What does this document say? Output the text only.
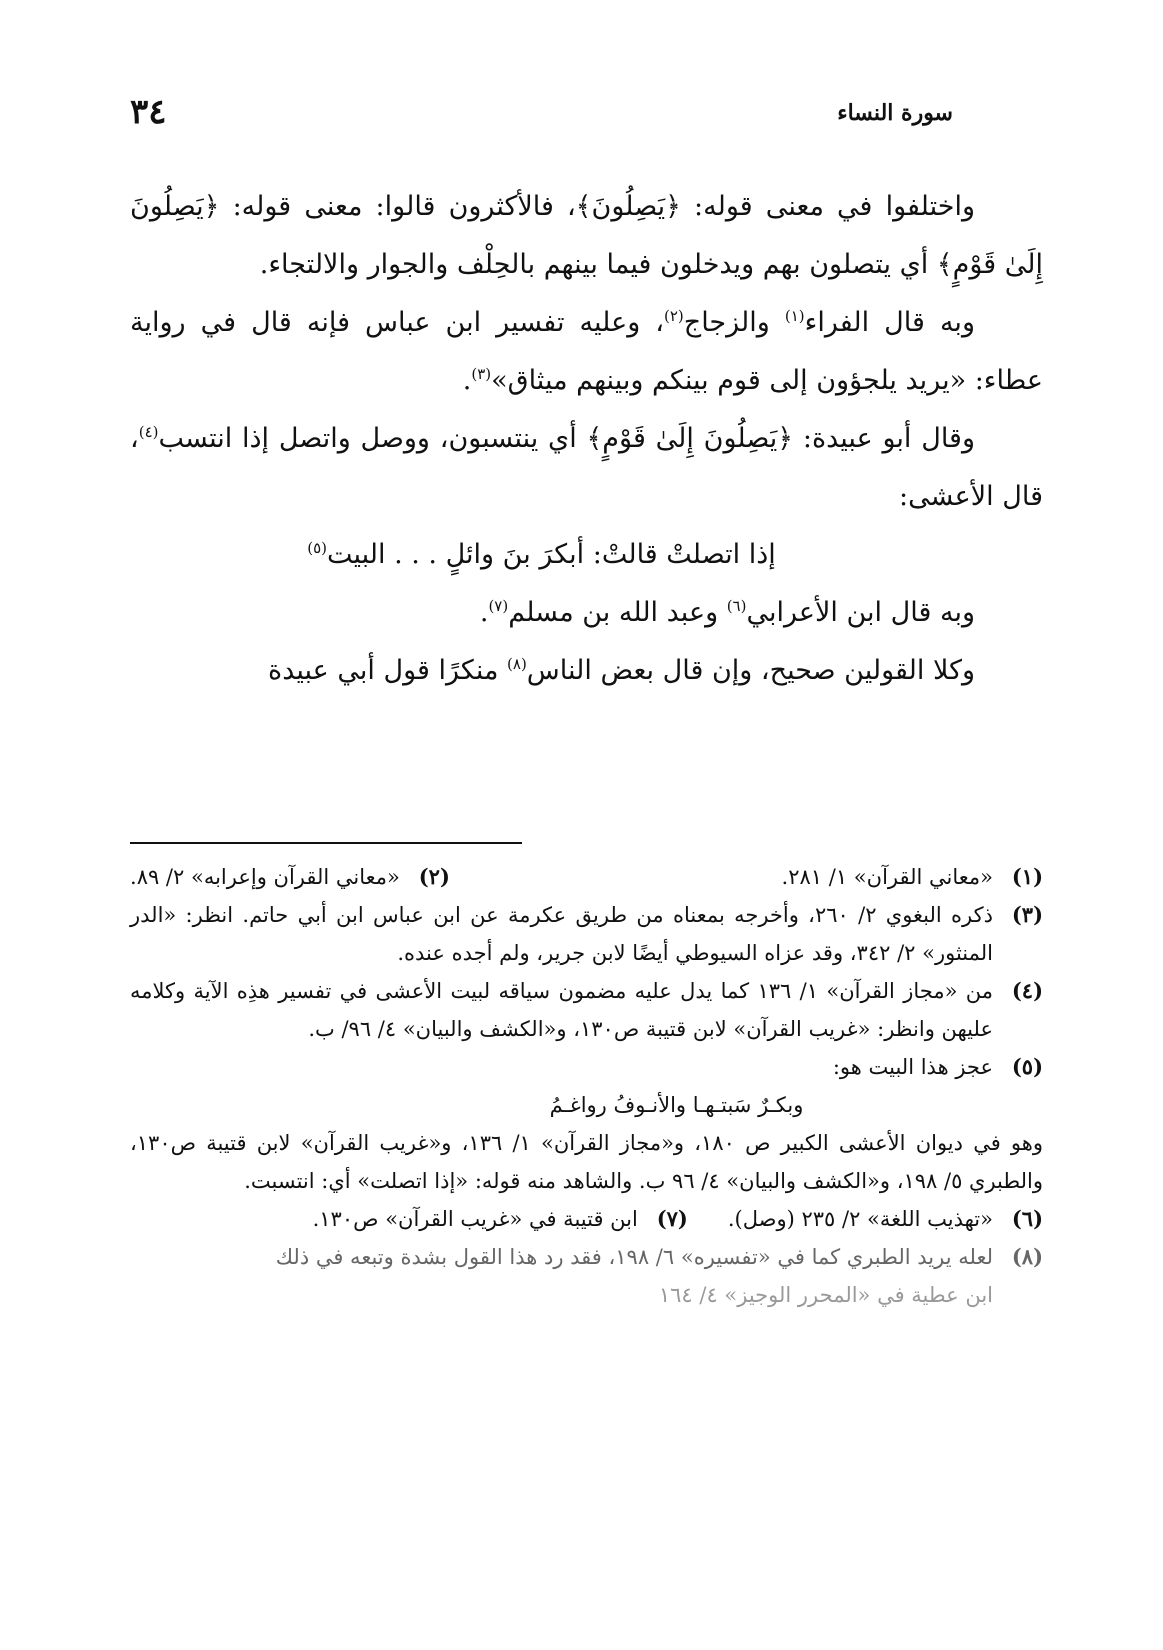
٣٤	سورة النساء

واختلفوا في معنى قوله: ﴿يَصِلُونَ﴾، فالأكثرون قالوا: معنى قوله: ﴿يَصِلُونَ إِلَىٰ قَوْمٍ﴾ أي يتصلون بهم ويدخلون فيما بينهم بالحِلْف والجوار والالتجاء.

وبه قال الفراء$^{(١)}$ والزجاج$^{(٢)}$، وعليه تفسير ابن عباس فإنه قال في رواية عطاء: «يريد يلجؤون إلى قوم بينكم وبينهم ميثاق»$^{(٣)}$.

وقال أبو عبيدة: ﴿يَصِلُونَ إِلَىٰ قَوْمٍ﴾ أي ينتسبون، ووصل واتصل إذا انتسب$^{(٤)}$، قال الأعشى:

إذا اتصلتْ قالتْ: أبكرَ بنَ وائلٍ . . . البيت$^{(٥)}$

وبه قال ابن الأعرابي$^{(٦)}$ وعبد الله بن مسلم$^{(٧)}$.

وكلا القولين صحيح، وإن قال بعض الناس$^{(٨)}$ منكرًا قول أبي عبيدة

(١)
«معاني القرآن» ١/ ٢٨١.

(٢)
«معاني القرآن وإعرابه» ٢/ ٨٩.

(٣)
ذكره البغوي ٢/ ٢٦٠، وأخرجه بمعناه من طريق عكرمة عن ابن عباس ابن أبي حاتم. انظر: «الدر المنثور» ٢/ ٣٤٢، وقد عزاه السيوطي أيضًا لابن جرير، ولم أجده عنده.

(٤)
من «مجاز القرآن» ١/ ١٣٦ كما يدل عليه مضمون سياقه لبيت الأعشى في تفسير هذِه الآية وكلامه عليهن وانظر: «غريب القرآن» لابن قتيبة ص١٣٠، و«الكشف والبيان» ٤/ ٩٦/ ب.

(٥)
عجز هذا البيت هو:

وبكـرٌ سَبتـهـا والأنـوفُ رواغـمُ

وهو في ديوان الأعشى الكبير ص ١٨٠، و«مجاز القرآن» ١/ ١٣٦، و«غريب القرآن» لابن قتيبة ص١٣٠، والطبري ٥/ ١٩٨، و«الكشف والبيان» ٤/ ٩٦ ب. والشاهد منه قوله: «إذا اتصلت» أي: انتسبت.

(٦)
«تهذيب اللغة» ٢/ ٢٣٥ (وصل).

(٧)
ابن قتيبة في «غريب القرآن» ص١٣٠.

(٨)
لعله يريد الطبري كما في «تفسيره» ٦/ ١٩٨، فقد رد هذا القول بشدة وتبعه في ذلك

ابن عطية في «المحرر الوجيز» ٤/ ١٦٤
